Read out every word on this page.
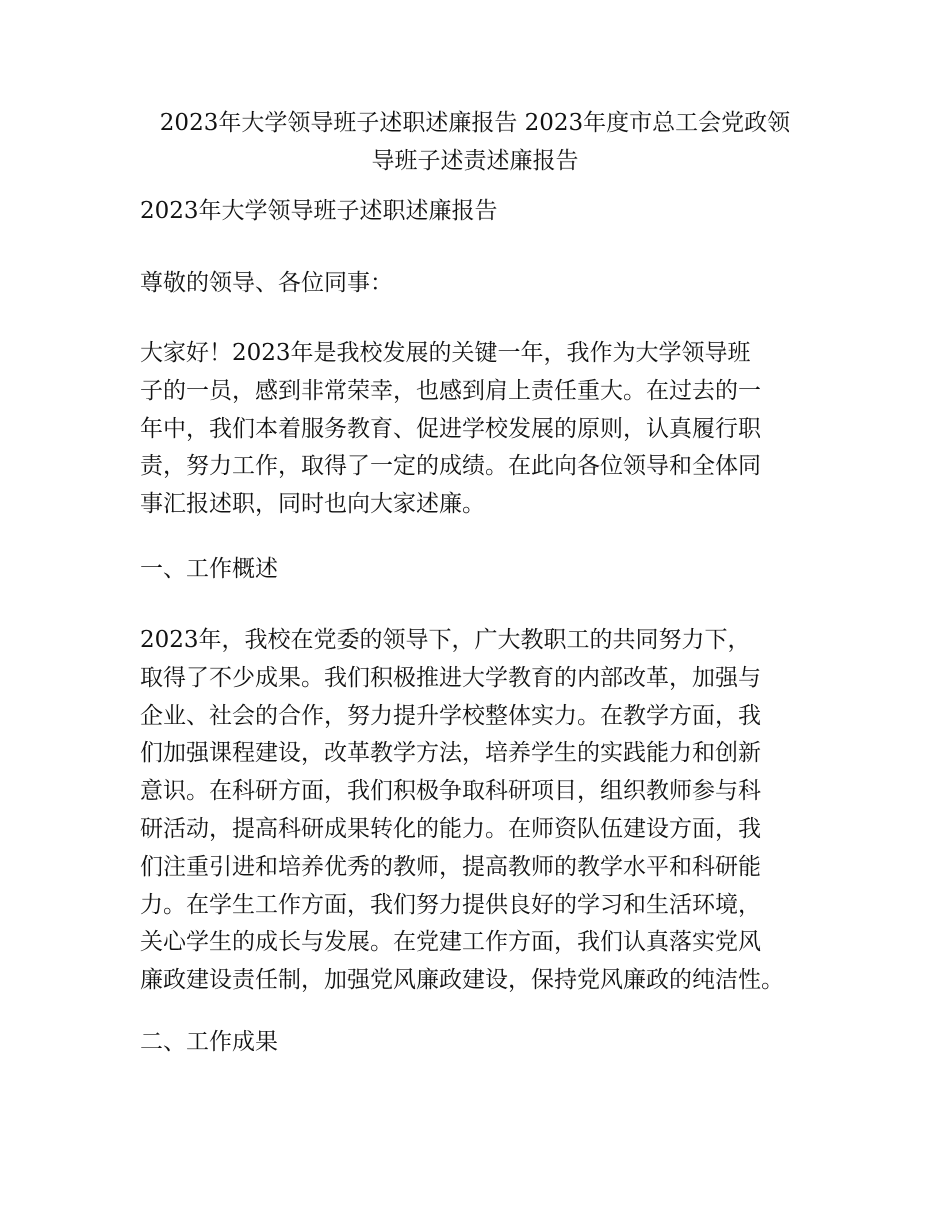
2023年大学领导班子述职述廉报告 2023年度市总工会党政领
导班子述责述廉报告

2023年大学领导班子述职述廉报告

尊敬的领导、各位同事：

大家好！2023年是我校发展的关键一年，我作为大学领导班
子的一员，感到非常荣幸，也感到肩上责任重大。在过去的一
年中，我们本着服务教育、促进学校发展的原则，认真履行职
责，努力工作，取得了一定的成绩。在此向各位领导和全体同
事汇报述职，同时也向大家述廉。

一、工作概述

2023年，我校在党委的领导下，广大教职工的共同努力下，
取得了不少成果。我们积极推进大学教育的内部改革，加强与
企业、社会的合作，努力提升学校整体实力。在教学方面，我
们加强课程建设，改革教学方法，培养学生的实践能力和创新
意识。在科研方面，我们积极争取科研项目，组织教师参与科
研活动，提高科研成果转化的能力。在师资队伍建设方面，我
们注重引进和培养优秀的教师，提高教师的教学水平和科研能
力。在学生工作方面，我们努力提供良好的学习和生活环境，
关心学生的成长与发展。在党建工作方面，我们认真落实党风
廉政建设责任制，加强党风廉政建设，保持党风廉政的纯洁性。

二、工作成果
